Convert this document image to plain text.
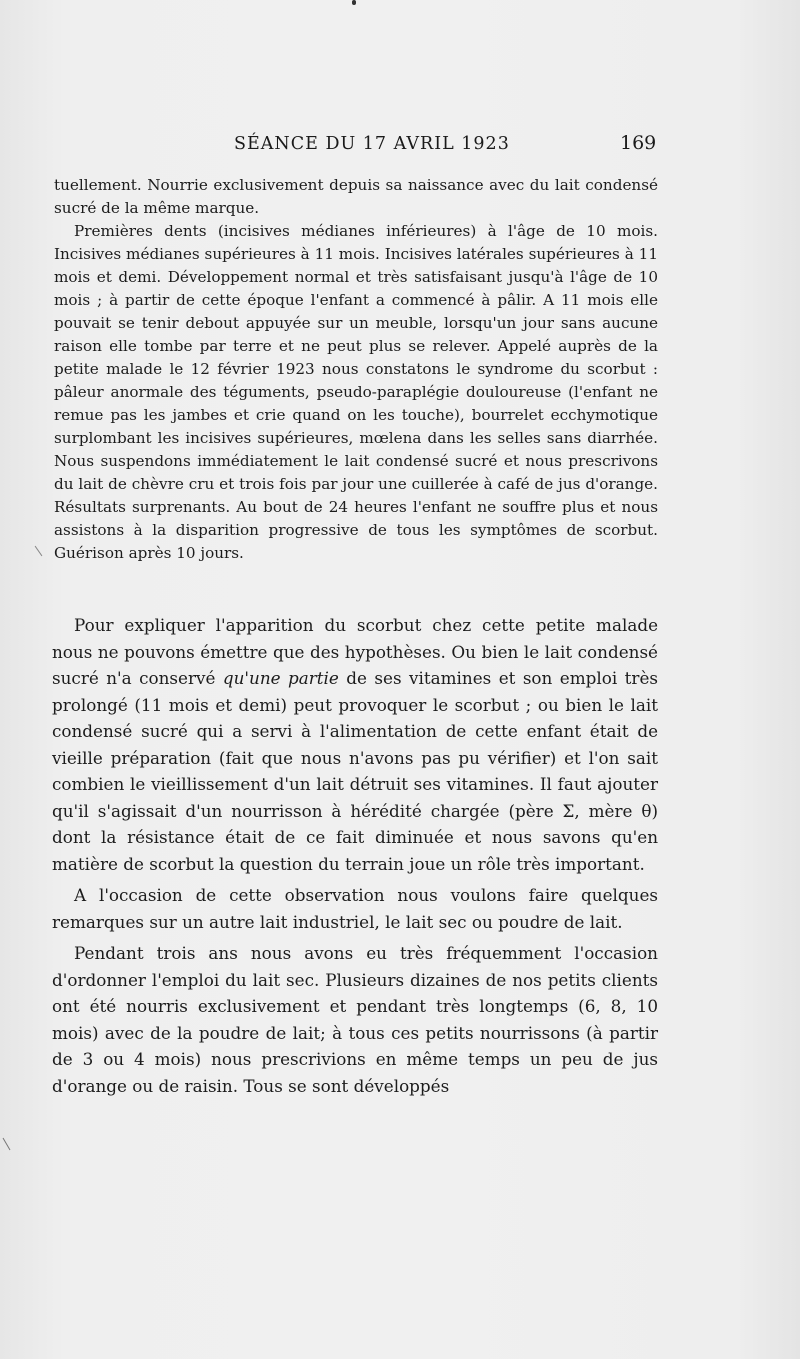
SÉANCE DU 17 AVRIL 1923	169

tuellement. Nourrie exclusivement depuis sa naissance avec du lait condensé sucré de la même marque.

Premières dents (incisives médianes inférieures) à l'âge de 10 mois. Incisives médianes supérieures à 11 mois. Incisives latérales supérieures à 11 mois et demi. Développement normal et très satisfaisant jusqu'à l'âge de 10 mois ; à partir de cette époque l'enfant a commencé à pâlir. A 11 mois elle pouvait se tenir debout appuyée sur un meuble, lorsqu'un jour sans aucune raison elle tombe par terre et ne peut plus se relever. Appelé auprès de la petite malade le 12 février 1923 nous constatons le syndrome du scorbut : pâleur anormale des téguments, pseudo-paraplégie douloureuse (l'enfant ne remue pas les jambes et crie quand on les touche), bourrelet ecchymotique surplombant les incisives supérieures, mœlena dans les selles sans diarrhée. Nous suspendons immédiatement le lait condensé sucré et nous prescrivons du lait de chèvre cru et trois fois par jour une cuillerée à café de jus d'orange. Résultats surprenants. Au bout de 24 heures l'enfant ne souffre plus et nous assistons à la disparition progressive de tous les symptômes de scorbut. Guérison après 10 jours.

Pour expliquer l'apparition du scorbut chez cette petite malade nous ne pouvons émettre que des hypothèses. Ou bien le lait condensé sucré n'a conservé qu'une partie de ses vitamines et son emploi très prolongé (11 mois et demi) peut provoquer le scorbut ; ou bien le lait condensé sucré qui a servi à l'alimentation de cette enfant était de vieille préparation (fait que nous n'avons pas pu vérifier) et l'on sait combien le vieillissement d'un lait détruit ses vitamines. Il faut ajouter qu'il s'agissait d'un nourrisson à hérédité chargée (père Σ, mère θ) dont la résistance était de ce fait diminuée et nous savons qu'en matière de scorbut la question du terrain joue un rôle très important.

A l'occasion de cette observation nous voulons faire quelques remarques sur un autre lait industriel, le lait sec ou poudre de lait.

Pendant trois ans nous avons eu très fréquemment l'occasion d'ordonner l'emploi du lait sec. Plusieurs dizaines de nos petits clients ont été nourris exclusivement et pendant très longtemps (6, 8, 10 mois) avec de la poudre de lait; à tous ces petits nourrissons (à partir de 3 ou 4 mois) nous prescrivions en même temps un peu de jus d'orange ou de raisin. Tous se sont développés
